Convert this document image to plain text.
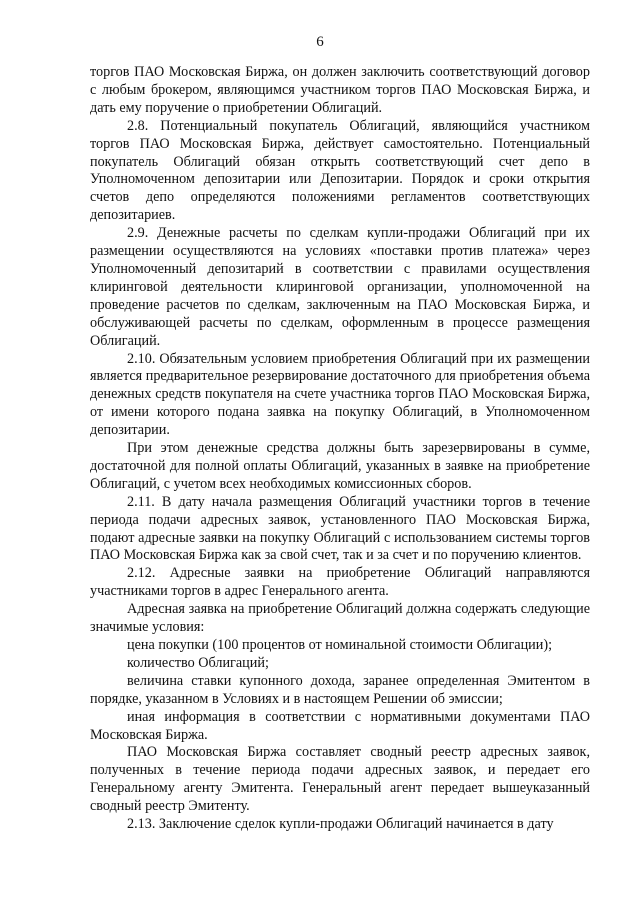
6

торгов ПАО Московская Биржа, он должен заключить соответствующий договор с любым брокером, являющимся участником торгов ПАО Московская Биржа, и дать ему поручение о приобретении Облигаций.

2.8. Потенциальный покупатель Облигаций, являющийся участником торгов ПАО Московская Биржа, действует самостоятельно. Потенциальный покупатель Облигаций обязан открыть соответствующий счет депо в Уполномоченном депозитарии или Депозитарии. Порядок и сроки открытия счетов депо определяются положениями регламентов соответствующих депозитариев.

2.9. Денежные расчеты по сделкам купли-продажи Облигаций при их размещении осуществляются на условиях «поставки против платежа» через Уполномоченный депозитарий в соответствии с правилами осуществления клиринговой деятельности клиринговой организации, уполномоченной на проведение расчетов по сделкам, заключенным на ПАО Московская Биржа, и обслуживающей расчеты по сделкам, оформленным в процессе размещения Облигаций.

2.10. Обязательным условием приобретения Облигаций при их размещении является предварительное резервирование достаточного для приобретения объема денежных средств покупателя на счете участника торгов ПАО Московская Биржа, от имени которого подана заявка на покупку Облигаций, в Уполномоченном депозитарии.

При этом денежные средства должны быть зарезервированы в сумме, достаточной для полной оплаты Облигаций, указанных в заявке на приобретение Облигаций, с учетом всех необходимых комиссионных сборов.

2.11. В дату начала размещения Облигаций участники торгов в течение периода подачи адресных заявок, установленного ПАО Московская Биржа, подают адресные заявки на покупку Облигаций с использованием системы торгов ПАО Московская Биржа как за свой счет, так и за счет и по поручению клиентов.

2.12. Адресные заявки на приобретение Облигаций направляются участниками торгов в адрес Генерального агента.

Адресная заявка на приобретение Облигаций должна содержать следующие значимые условия:

цена покупки (100 процентов от номинальной стоимости Облигации);

количество Облигаций;

величина ставки купонного дохода, заранее определенная Эмитентом в порядке, указанном в Условиях и в настоящем Решении об эмиссии;

иная информация в соответствии с нормативными документами ПАО Московская Биржа.

ПАО Московская Биржа составляет сводный реестр адресных заявок, полученных в течение периода подачи адресных заявок, и передает его Генеральному агенту Эмитента. Генеральный агент передает вышеуказанный сводный реестр Эмитенту.

2.13. Заключение сделок купли-продажи Облигаций начинается в дату
